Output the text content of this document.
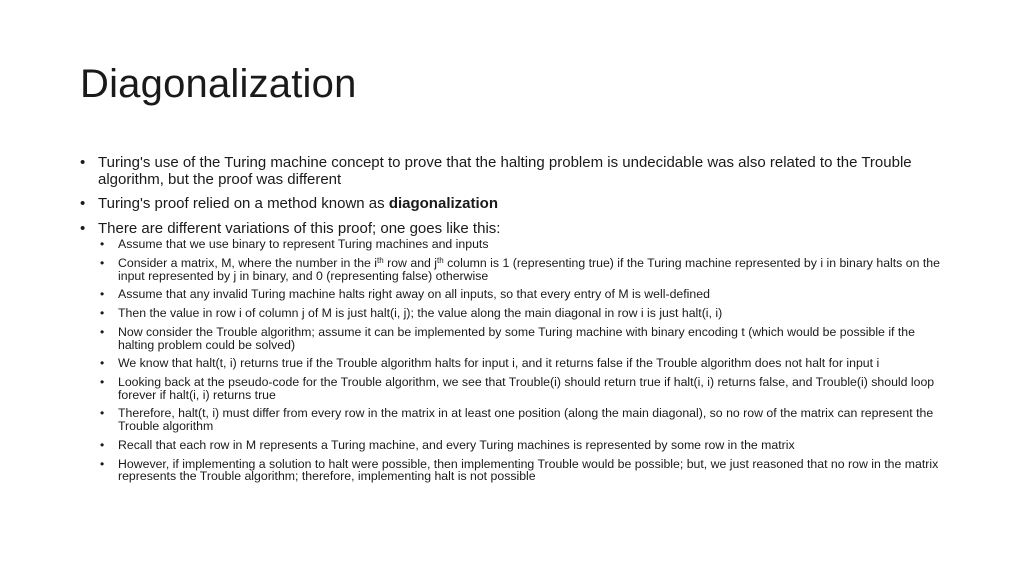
Diagonalization
• Turing's use of the Turing machine concept to prove that the halting problem is undecidable was also related to the Trouble algorithm, but the proof was different
• Turing's proof relied on a method known as diagonalization
• There are different variations of this proof; one goes like this:
• Assume that we use binary to represent Turing machines and inputs
• Consider a matrix, M, where the number in the $i^{th}$ row and $j^{th}$ column is 1 (representing true) if the Turing machine represented by i in binary halts on the input represented by j in binary, and 0 (representing false) otherwise
• Assume that any invalid Turing machine halts right away on all inputs, so that every entry of M is well-defined
• Then the value in row i of column j of M is just halt(i, j); the value along the main diagonal in row i is just halt(i, i)
• Now consider the Trouble algorithm; assume it can be implemented by some Turing machine with binary encoding t (which would be possible if the halting problem could be solved)
• We know that halt(t, i) returns true if the Trouble algorithm halts for input i, and it returns false if the Trouble algorithm does not halt for input i
• Looking back at the pseudo-code for the Trouble algorithm, we see that Trouble(i) should return true if halt(i, i) returns false, and Trouble(i) should loop forever if halt(i, i) returns true
• Therefore, halt(t, i) must differ from every row in the matrix in at least one position (along the main diagonal), so no row of the matrix can represent the Trouble algorithm
• Recall that each row in M represents a Turing machine, and every Turing machines is represented by some row in the matrix
• However, if implementing a solution to halt were possible, then implementing Trouble would be possible; but, we just reasoned that no row in the matrix represents the Trouble algorithm; therefore, implementing halt is not possible
